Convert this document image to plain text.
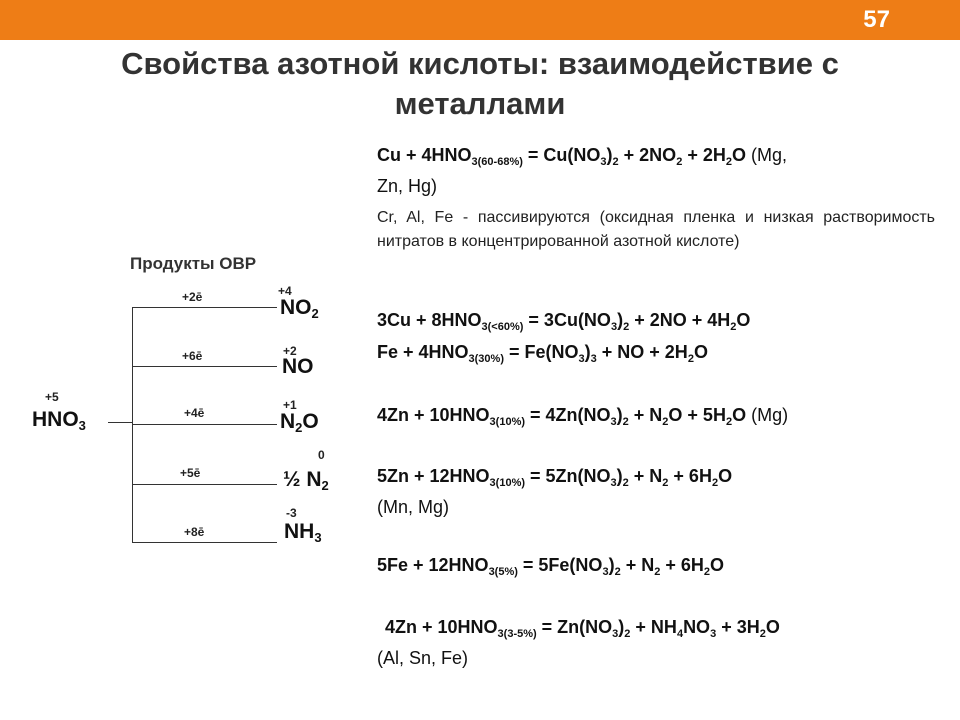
57
Свойства азотной кислоты: взаимодействие с
металлами
$Cu + 4HNO_{3(60-68\%)} = Cu(NO_3)_2 + 2NO_2 + 2H_2O$ (Mg,
Zn, Hg)
Cr, Al, Fe - пассивируются (оксидная пленка и низкая растворимость нитратов в концентрированной азотной кислоте)
$3Cu + 8HNO_{3(<60\%)} = 3Cu(NO_3)_2 + 2NO + 4H_2O$
$Fe + 4HNO_{3(30\%)} = Fe(NO_3)_3$ + NO + $2H_2O$
$4Zn + 10HNO_{3(10\%)} = 4Zn(NO_3)_2 + N_2O + 5H_2O$ (Mg)
$5Zn + 12HNO_{3(10\%)} = 5Zn(NO_3)_2 + N_2 + 6H_2O$
(Mn, Mg)
$5Fe + 12HNO_{3(5\%)} = 5Fe(NO_3)_2 + N_2 + 6H_2O$
$4Zn + 10HNO_{3(3-5\%)} = Zn(NO_3)_2 + NH_4NO_3 + 3H_2O$
(Al, Sn, Fe)
Продукты ОВР
+5
$HNO_3$
+2ē
+6ē
+4ē
+5ē
+8ē
+4
+2
+1
0
-3
$NO_2$
NO
$N_2O$
½ $N_2$
$NH_3$
